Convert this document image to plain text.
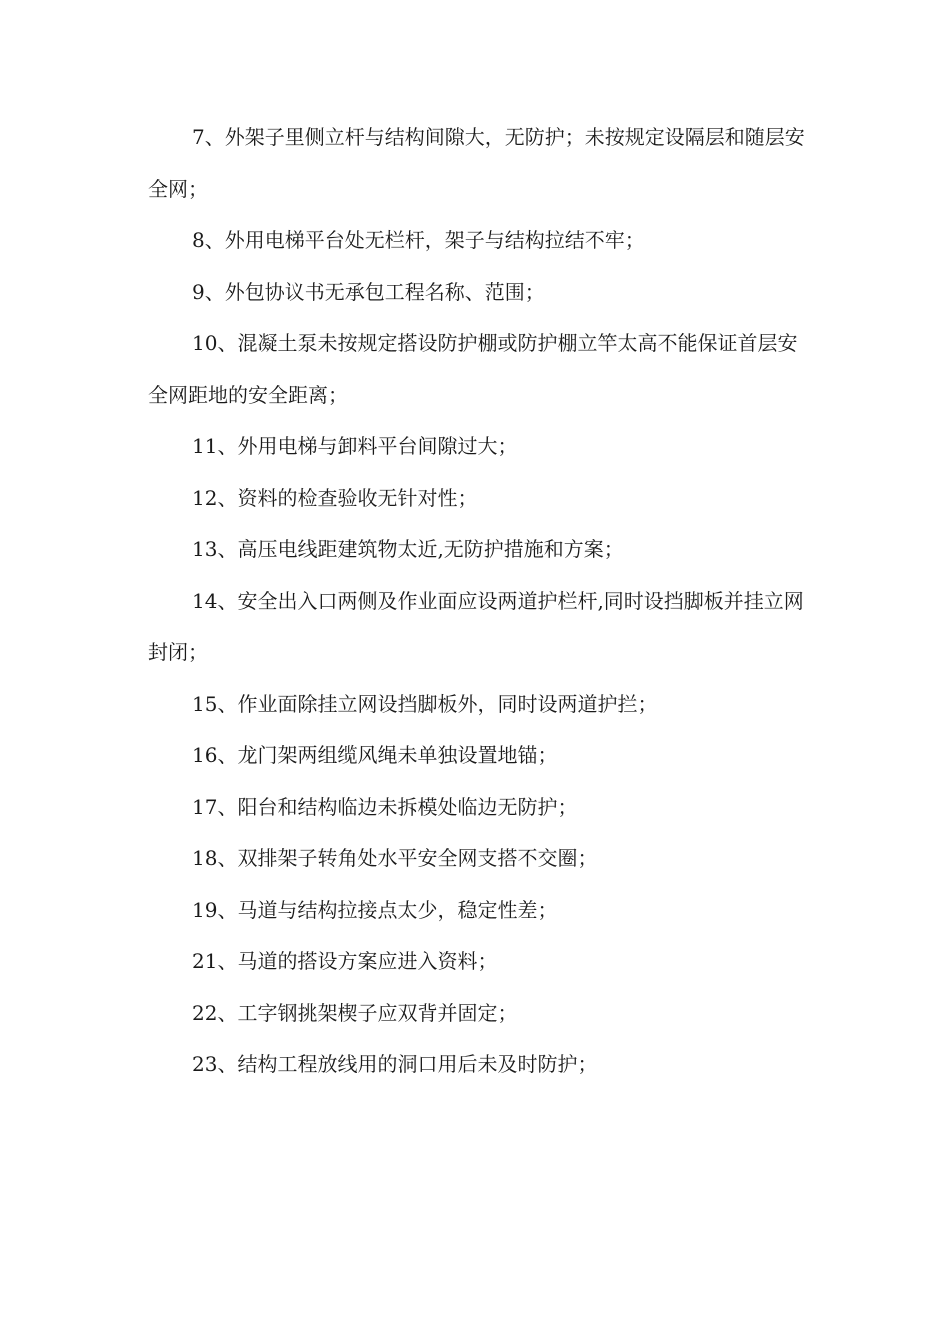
7、外架子里侧立杆与结构间隙大，无防护；未按规定设隔层和随层安全网；

8、外用电梯平台处无栏杆，架子与结构拉结不牢；

9、外包协议书无承包工程名称、范围；

10、混凝土泵未按规定搭设防护棚或防护棚立竿太高不能保证首层安全网距地的安全距离；

11、外用电梯与卸料平台间隙过大；

12、资料的检查验收无针对性；

13、高压电线距建筑物太近,无防护措施和方案；

14、安全出入口两侧及作业面应设两道护栏杆,同时设挡脚板并挂立网封闭；

15、作业面除挂立网设挡脚板外，同时设两道护拦；

16、龙门架两组缆风绳未单独设置地锚；

17、阳台和结构临边未拆模处临边无防护；

18、双排架子转角处水平安全网支搭不交圈；

19、马道与结构拉接点太少，稳定性差；

21、马道的搭设方案应进入资料；

22、工字钢挑架楔子应双背并固定；

23、结构工程放线用的洞口用后未及时防护；
